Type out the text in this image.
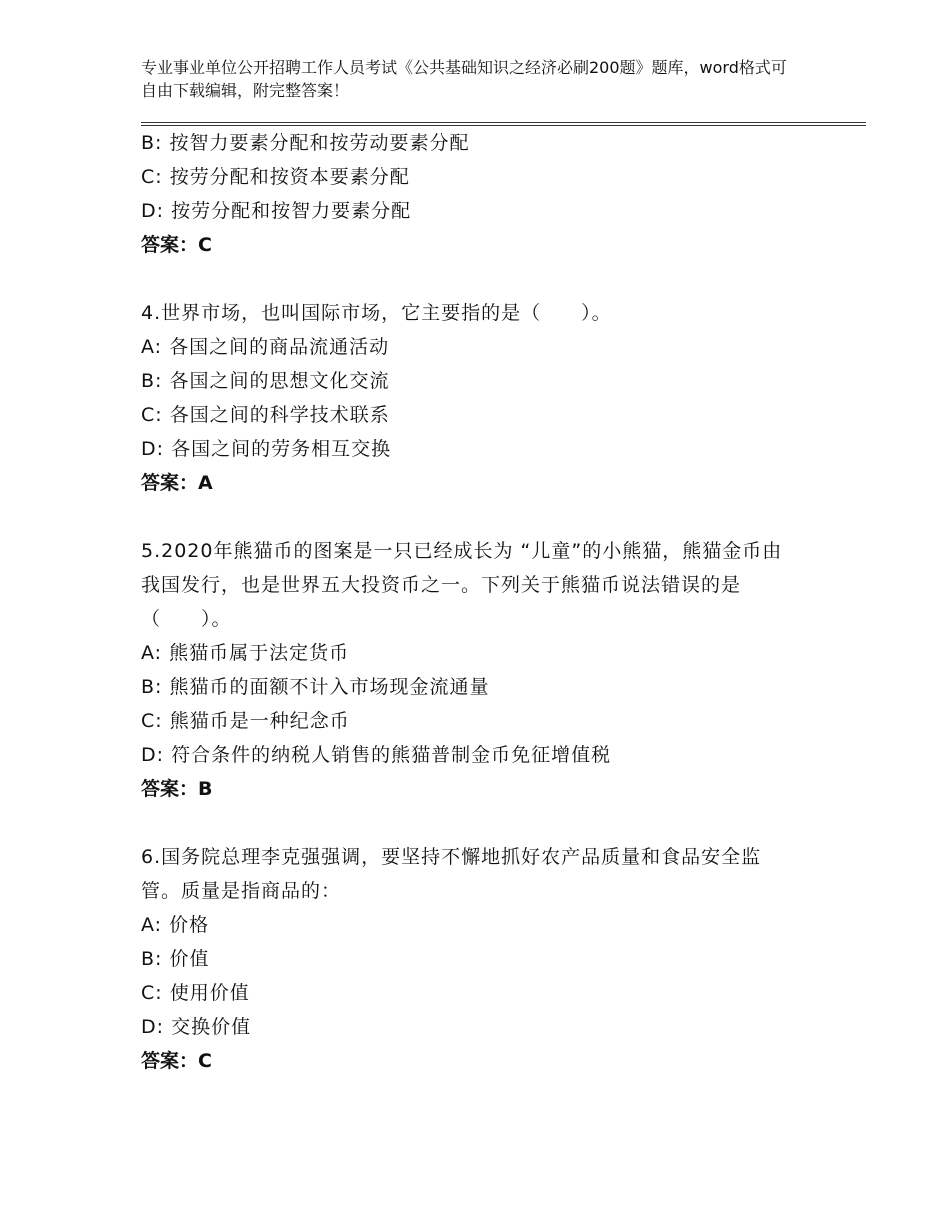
专业事业单位公开招聘工作人员考试《公共基础知识之经济必刷200题》题库，word格式可自由下载编辑，附完整答案！
B: 按智力要素分配和按劳动要素分配
C: 按劳分配和按资本要素分配
D: 按劳分配和按智力要素分配
答案：C
4.世界市场，也叫国际市场，它主要指的是（　　）。
A: 各国之间的商品流通活动
B: 各国之间的思想文化交流
C: 各国之间的科学技术联系
D: 各国之间的劳务相互交换
答案：A
5.2020年熊猫币的图案是一只已经成长为 “儿童”的小熊猫，熊猫金币由我国发行，也是世界五大投资币之一。下列关于熊猫币说法错误的是（　　）。
A: 熊猫币属于法定货币
B: 熊猫币的面额不计入市场现金流通量
C: 熊猫币是一种纪念币
D: 符合条件的纳税人销售的熊猫普制金币免征增值税
答案：B
6.国务院总理李克强强调，要坚持不懈地抓好农产品质量和食品安全监管。质量是指商品的：
A: 价格
B: 价值
C: 使用价值
D: 交换价值
答案：C
